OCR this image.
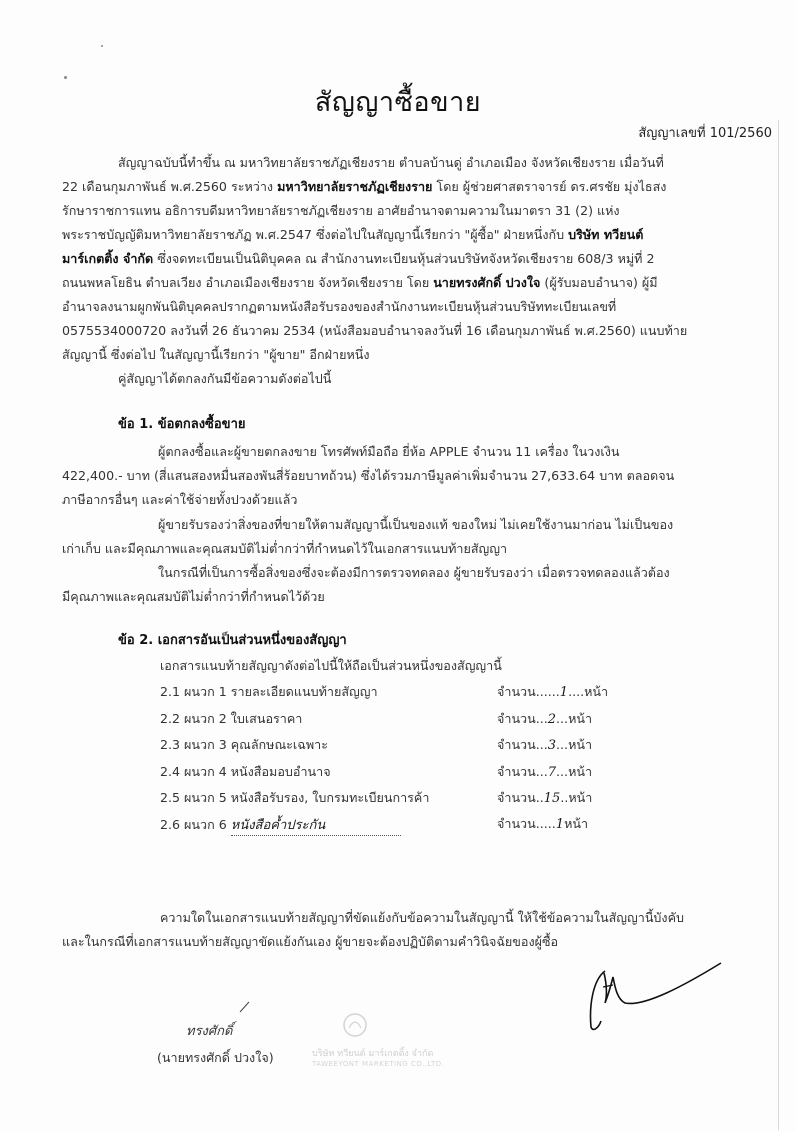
สัญญาซื้อขาย
สัญญาเลขที่ 101/2560
สัญญาฉบับนี้ทำขึ้น ณ มหาวิทยาลัยราชภัฏเชียงราย ตำบลบ้านดู่ อำเภอเมือง จังหวัดเชียงราย เมื่อวันที่
22 เดือนกุมภาพันธ์ พ.ศ.2560 ระหว่าง มหาวิทยาลัยราชภัฏเชียงราย โดย ผู้ช่วยศาสตราจารย์ ดร.ศรชัย มุ่งไธสง
รักษาราชการแทน อธิการบดีมหาวิทยาลัยราชภัฏเชียงราย อาศัยอำนาจตามความในมาตรา 31 (2) แห่ง
พระราชบัญญัติมหาวิทยาลัยราชภัฏ พ.ศ.2547 ซึ่งต่อไปในสัญญานี้เรียกว่า "ผู้ซื้อ" ฝ่ายหนึ่งกับ บริษัท ทวียนต์
มาร์เกตติ้ง จำกัด ซึ่งจดทะเบียนเป็นนิติบุคคล ณ สำนักงานทะเบียนหุ้นส่วนบริษัทจังหวัดเชียงราย 608/3 หมู่ที่ 2
ถนนพหลโยธิน ตำบลเวียง อำเภอเมืองเชียงราย จังหวัดเชียงราย โดย นายทรงศักดิ์ ปวงใจ (ผู้รับมอบอำนาจ) ผู้มี
อำนาจลงนามผูกพันนิติบุคคลปรากฏตามหนังสือรับรองของสำนักงานทะเบียนหุ้นส่วนบริษัททะเบียนเลขที่
0575534000720 ลงวันที่ 26 ธันวาคม 2534 (หนังสือมอบอำนาจลงวันที่ 16 เดือนกุมภาพันธ์ พ.ศ.2560) แนบท้าย
สัญญานี้ ซึ่งต่อไป ในสัญญานี้เรียกว่า "ผู้ขาย" อีกฝ่ายหนึ่ง
คู่สัญญาได้ตกลงกันมีข้อความดังต่อไปนี้
ข้อ 1. ข้อตกลงซื้อขาย
ผู้ตกลงซื้อและผู้ขายตกลงขาย โทรศัพท์มือถือ ยี่ห้อ APPLE จำนวน 11 เครื่อง ในวงเงิน
422,400.- บาท (สี่แสนสองหมื่นสองพันสี่ร้อยบาทถ้วน) ซึ่งได้รวมภาษีมูลค่าเพิ่มจำนวน 27,633.64 บาท ตลอดจน
ภาษีอากรอื่นๆ และค่าใช้จ่ายทั้งปวงด้วยแล้ว
ผู้ขายรับรองว่าสิ่งของที่ขายให้ตามสัญญานี้เป็นของแท้ ของใหม่ ไม่เคยใช้งานมาก่อน ไม่เป็นของ
เก่าเก็บ และมีคุณภาพและคุณสมบัติไม่ต่ำกว่าที่กำหนดไว้ในเอกสารแนบท้ายสัญญา
ในกรณีที่เป็นการซื้อสิ่งของซึ่งจะต้องมีการตรวจทดลอง ผู้ขายรับรองว่า เมื่อตรวจทดลองแล้วต้อง
มีคุณภาพและคุณสมบัติไม่ต่ำกว่าที่กำหนดไว้ด้วย
ข้อ 2. เอกสารอันเป็นส่วนหนึ่งของสัญญา
เอกสารแนบท้ายสัญญาดังต่อไปนี้ให้ถือเป็นส่วนหนึ่งของสัญญานี้
2.1 ผนวก 1 รายละเอียดแนบท้ายสัญญา	จำนวน......1....หน้า
2.2 ผนวก 2 ใบเสนอราคา	จำนวน...2...หน้า
2.3 ผนวก 3 คุณลักษณะเฉพาะ	จำนวน...3...หน้า
2.4 ผนวก 4 หนังสือมอบอำนาจ	จำนวน...7...หน้า
2.5 ผนวก 5 หนังสือรับรอง, ใบกรมทะเบียนการค้า	จำนวน..15..หน้า
2.6 ผนวก 6 หนังสือค้ำประกัน	จำนวน.....1หน้า
ความใดในเอกสารแนบท้ายสัญญาที่ขัดแย้งกับข้อความในสัญญานี้ ให้ใช้ข้อความในสัญญานี้บังคับ
และในกรณีที่เอกสารแนบท้ายสัญญาขัดแย้งกันเอง ผู้ขายจะต้องปฏิบัติตามคำวินิจฉัยของผู้ซื้อ
ทรงศักดิ์
(นายทรงศักดิ์ ปวงใจ)	บริษัท ทวียนต์ มาร์เกตติ้ง จำกัด
TAWEEYONT MARKETING CO.,LTD.
